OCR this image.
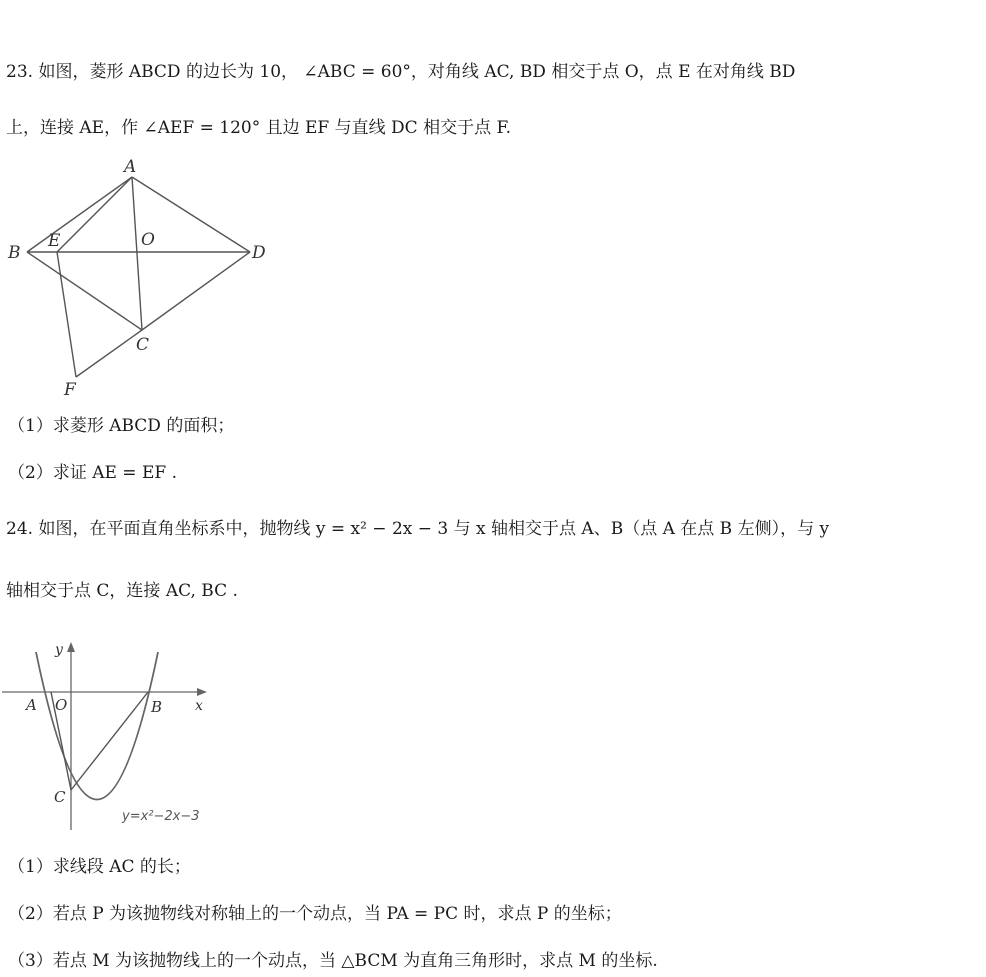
23. 如图，菱形 ABCD 的边长为 10， ∠ABC = 60°，对角线 AC, BD 相交于点 O，点 E 在对角线 BD
上，连接 AE，作 ∠AEF = 120° 且边 EF 与直线 DC 相交于点 F.
A
B
E	O
D
C
F
（1）求菱形 ABCD 的面积；
（2）求证 AE = EF .
24. 如图，在平面直角坐标系中，抛物线 y = x² − 2x − 3 与 x 轴相交于点 A、B（点 A 在点 B 左侧），与 y
轴相交于点 C，连接 AC, BC .
y
x
A O	B
C
y=x²−2x−3
（1）求线段 AC 的长；
（2）若点 P 为该抛物线对称轴上的一个动点，当 PA = PC 时，求点 P 的坐标；
（3）若点 M 为该抛物线上的一个动点，当 △BCM 为直角三角形时，求点 M 的坐标.
